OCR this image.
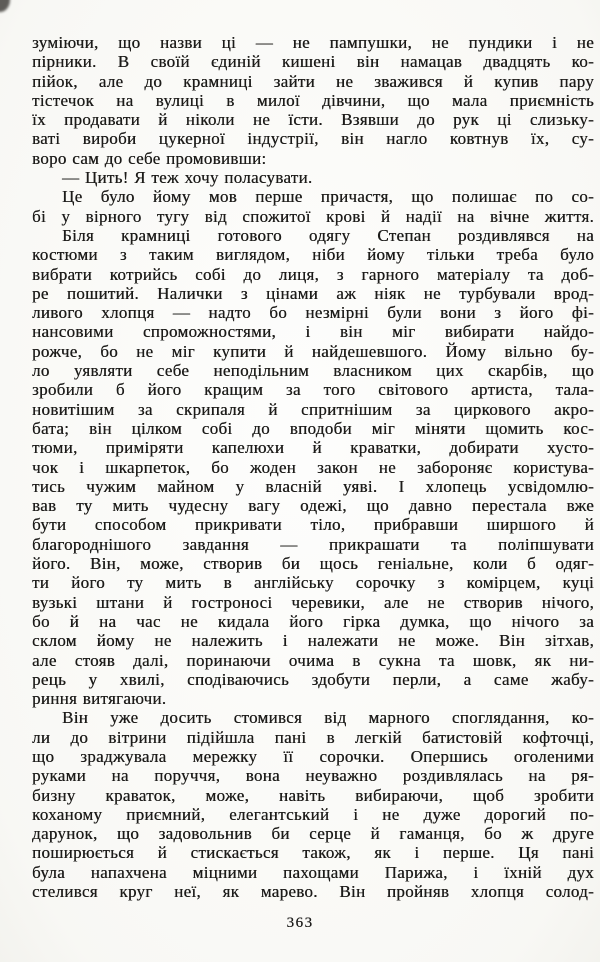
зуміючи, що назви ці — не пампушки, не пундики і не
пірники. В своїй єдиній кишені він намацав двадцять ко-
пійок, але до крамниці зайти не зважився й купив пару
тістечок на вулиці в милої дівчини, що мала приємність
їх продавати й ніколи не їсти. Взявши до рук ці слизьку-
ваті вироби цукерної індустрії, він нагло ковтнув їх, су-
воро сам до себе промовивши:
— Цить! Я теж хочу поласувати.
Це було йому мов перше причастя, що полишає по со-
бі у вірного тугу від спожитої крові й надії на вічне життя.
Біля крамниці готового одягу Степан роздивлявся на
костюми з таким виглядом, ніби йому тільки треба було
вибрати котрийсь собі до лиця, з гарного матеріалу та доб-
ре пошитий. Налички з цінами аж ніяк не турбували врод-
ливого хлопця — надто бо незмірні були вони з його фі-
нансовими спроможностями, і він міг вибирати найдо-
рожче, бо не міг купити й найдешевшого. Йому вільно бу-
ло уявляти себе неподільним власником цих скарбів, що
зробили б його кращим за того світового артиста, тала-
новитішим за скрипаля й спритнішим за циркового акро-
бата; він цілком собі до вподоби міг міняти щомить кос-
тюми, приміряти капелюхи й краватки, добирати хусто-
чок і шкарпеток, бо жоден закон не забороняє користува-
тись чужим майном у власній уяві. І хлопець усвідомлю-
вав ту мить чудесну вагу одежі, що давно перестала вже
бути способом прикривати тіло, прибравши ширшого й
благороднішого завдання — прикрашати та поліпшувати
його. Він, може, створив би щось геніальне, коли б одяг-
ти його ту мить в англійську сорочку з комірцем, куці
вузькі штани й гостроносі черевики, але не створив нічого,
бо й на час не кидала його гірка думка, що нічого за
склом йому не належить і належати не може. Він зітхав,
але стояв далі, поринаючи очима в сукна та шовк, як ни-
рець у хвилі, сподіваючись здобути перли, а саме жабу-
риння витягаючи.
Він уже досить стомився від марного споглядання, ко-
ли до вітрини підійшла пані в легкій батистовій кофточці,
що зраджувала мережку її сорочки. Опершись оголеними
руками на поруччя, вона неуважно роздивлялась на ря-
бизну краваток, може, навіть вибираючи, щоб зробити
коханому приємний, елегантський і не дуже дорогий по-
дарунок, що задовольнив би серце й гаманця, бо ж друге
поширюється й стискається також, як і перше. Ця пані
була напахчена міцними пахощами Парижа, і їхній дух
стелився круг неї, як марево. Він пройняв хлопця солод-
363
